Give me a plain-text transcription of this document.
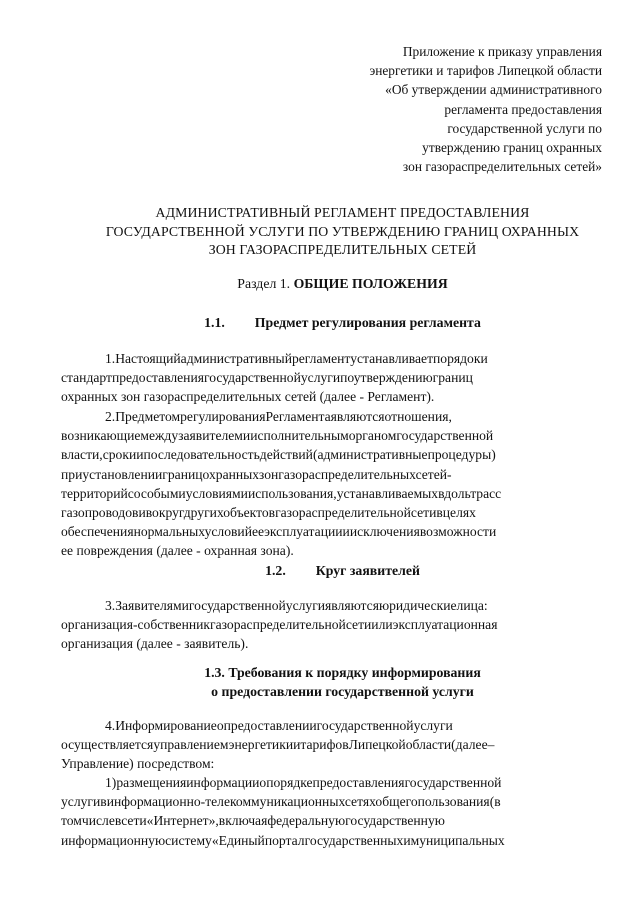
Приложение к приказу управления
энергетики и тарифов Липецкой области
«Об утверждении административного
регламента предоставления
государственной услуги по
утверждению границ охранных
зон газораспределительных сетей»
АДМИНИСТРАТИВНЫЙ РЕГЛАМЕНТ ПРЕДОСТАВЛЕНИЯ
ГОСУДАРСТВЕННОЙ УСЛУГИ ПО УТВЕРЖДЕНИЮ ГРАНИЦ ОХРАННЫХ
ЗОН ГАЗОРАСПРЕДЕЛИТЕЛЬНЫХ СЕТЕЙ
Раздел 1. ОБЩИЕ ПОЛОЖЕНИЯ
1.1. Предмет регулирования регламента
1.Настоящийадминистративныйрегламентустанавливаетпорядоки
стандартпредоставлениягосударственнойуслугипоутверждениюграниц
охранных зон газораспределительных сетей (далее - Регламент).
2.ПредметомрегулированияРегламентаявляютсяотношения,
возникающиемеждузаявителемиисполнительныморганомгосударственной
власти,срокиипоследовательностьдействий(административныепроцедуры)
приустановленииграницохранныхзонгазораспределительныхсетей-
территорийсособымиусловиямииспользования,устанавливаемыхвдольтрасс
газопроводовивокругдругихобъектовгазораспределительнойсетивцелях
обеспечениянормальныхусловийееэксплуатациииисключениявозможности
ее повреждения (далее - охранная зона).
1.2. Круг заявителей
3.Заявителямигосударственнойуслугиявляютсяюридическиелица:
организация-собственникгазораспределительнойсетиилиэксплуатационная
организация (далее - заявитель).
1.3. Требования к порядку информирования
о предоставлении государственной услуги
4.Информированиеопредоставлениигосударственнойуслуги
осуществляетсяуправлениемэнергетикиитарифовЛипецкойобласти(далее–
Управление) посредством:
1)размещенияинформацииопорядкепредоставлениягосударственной
услугивинформационно-телекоммуникационныхсетяхобщегопользования(в
томчислевсети«Интернет»,включаяфедеральнуюгосударственную
информационнуюсистему«Единыйпорталгосударственныхимуниципальных
